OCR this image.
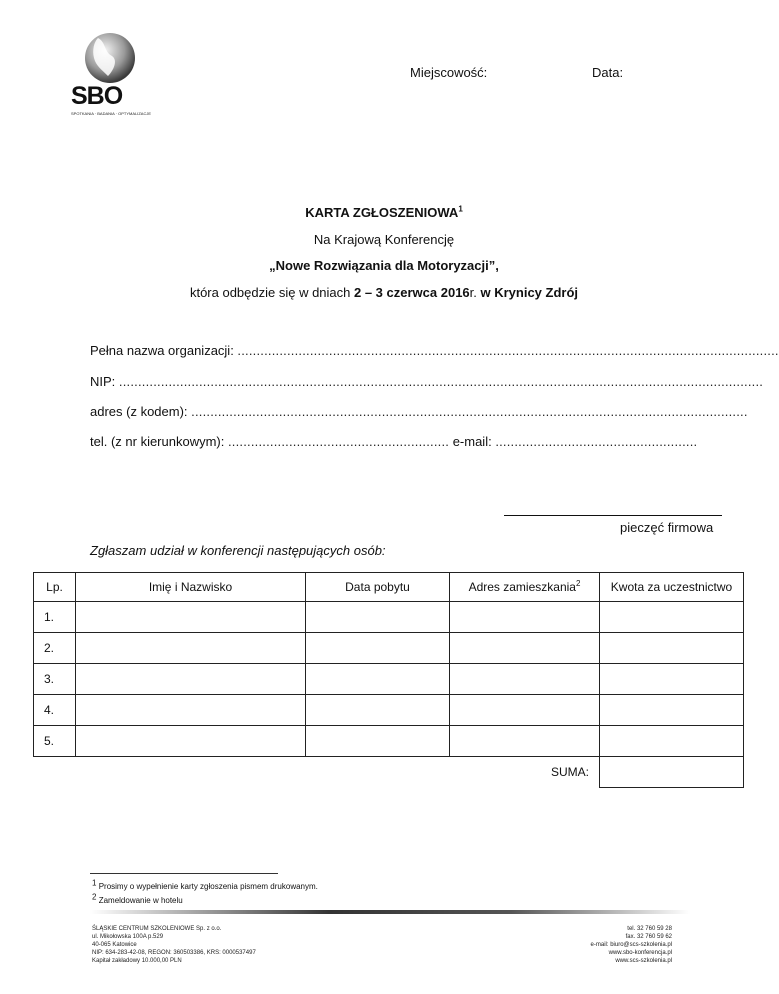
SBO
SPOTKANIA · BADANIA · OPTYMALIZACJE
Miejscowość:	Data:
KARTA ZGŁOSZENIOWA$^1$
Na Krajową Konferencję
„Nowe Rozwiązania dla Motoryzacji”,
która odbędzie się w dniach 2 – 3 czerwca 2016r. w Krynicy Zdrój
Pełna nazwa organizacji: ..............................................................................................................................................
NIP: .........................................................................................................................................................................
adres (z kodem): ..................................................................................................................................................
tel. (z nr kierunkowym): .......................................................... e-mail: .....................................................
pieczęć firmowa
Zgłaszam udział w konferencji następujących osób:
Lp.	Imię i Nazwisko	Data pobytu	Adres zamieszkania$^2$	Kwota za uczestnictwo
1.				
2.				
3.				
4.				
5.				
			SUMA:	
$^1$ Prosimy o wypełnienie karty zgłoszenia pismem drukowanym.
$^2$ Zameldowanie w hotelu
ŚLĄSKIE CENTRUM SZKOLENIOWE Sp. z o.o.
ul. Mikołowska 100A p.529
40-065 Katowice
NIP: 634-283-42-08, REGON: 360503386, KRS: 0000537497
Kapitał zakładowy 10.000,00 PLN
tel. 32 760 59 28
fax. 32 760 59 62
e-mail: biuro@scs-szkolenia.pl
www.sbo-konferencja.pl
www.scs-szkolenia.pl
